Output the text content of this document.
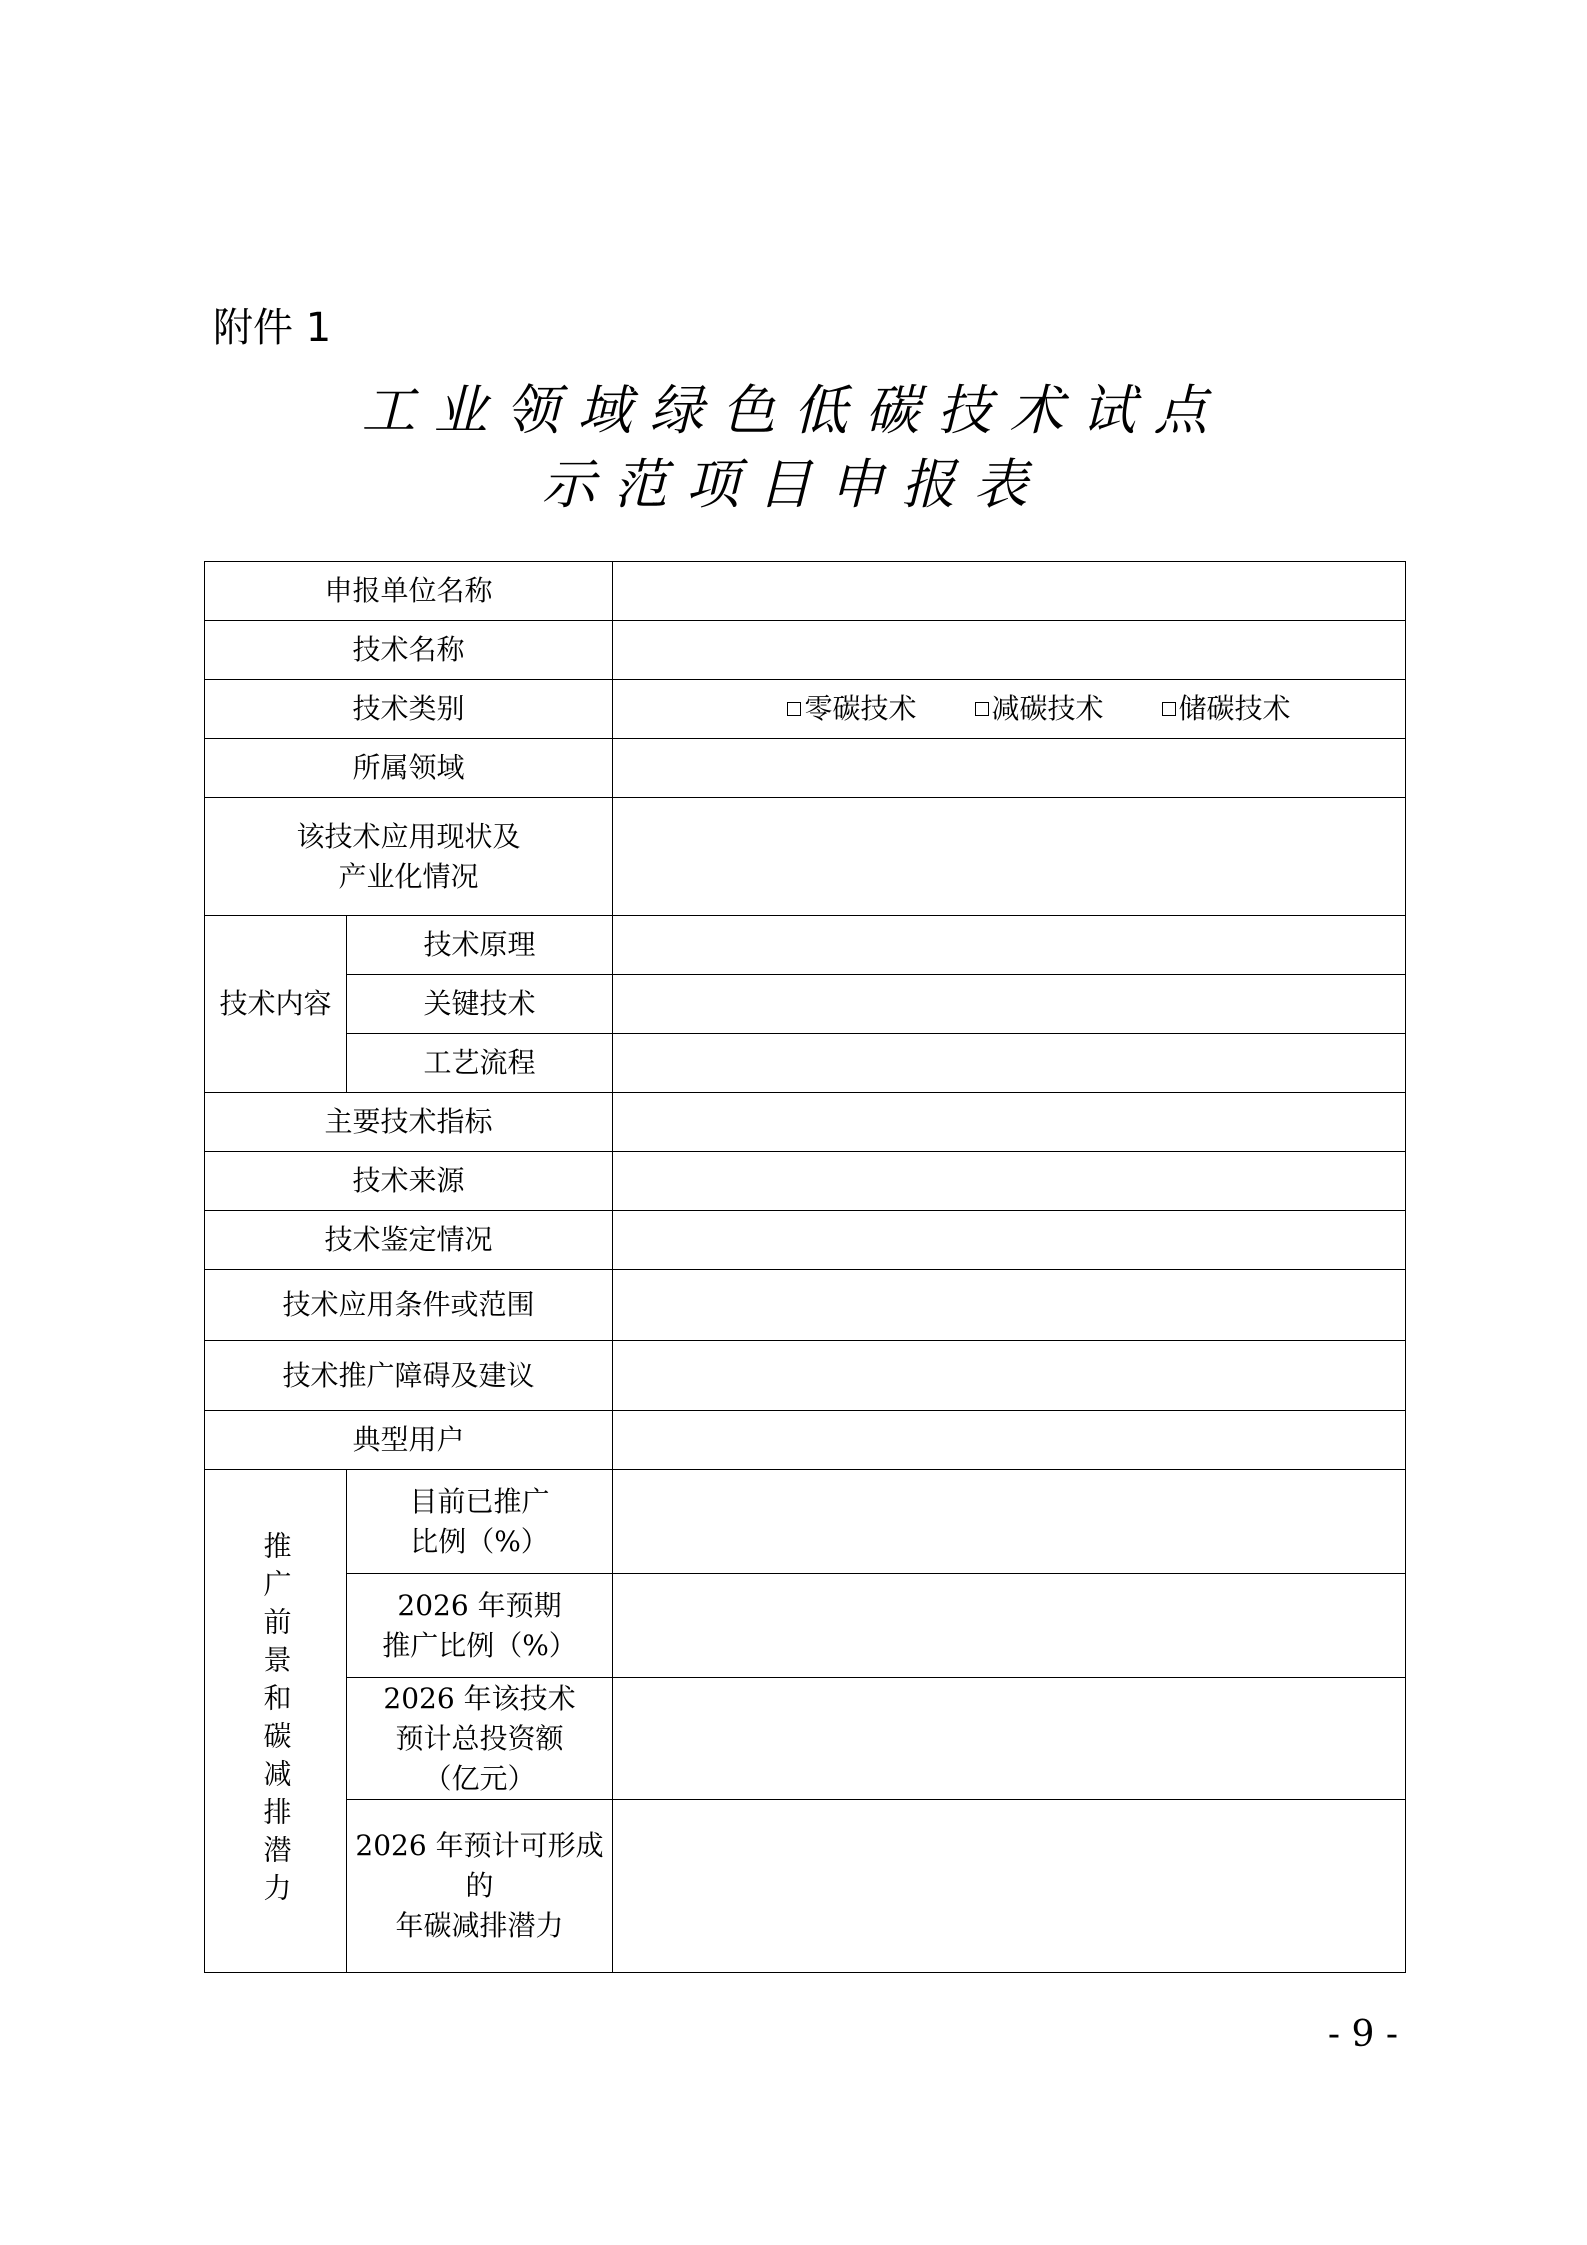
附件 1
工业领域绿色低碳技术试点
示范项目申报表
申报单位名称		
技术名称		
技术类别		零碳技术 减碳技术 储碳技术

所属领域		

该技术应用现状及
产业化情况		

技术内容	技术原理	
	关键技术	
	工艺流程	
主要技术指标		
技术来源		
技术鉴定情况		
技术应用条件或范围		
技术推广障碍及建议		
典型用户		

推广前景和碳减排潜力	目前已推广
比例（%）	

	2026 年预期
推广比例（%）	

	2026 年该技术
预计总投资额
（亿元）	

	2026 年预计可形成的
年碳减排潜力	

- 9 -
